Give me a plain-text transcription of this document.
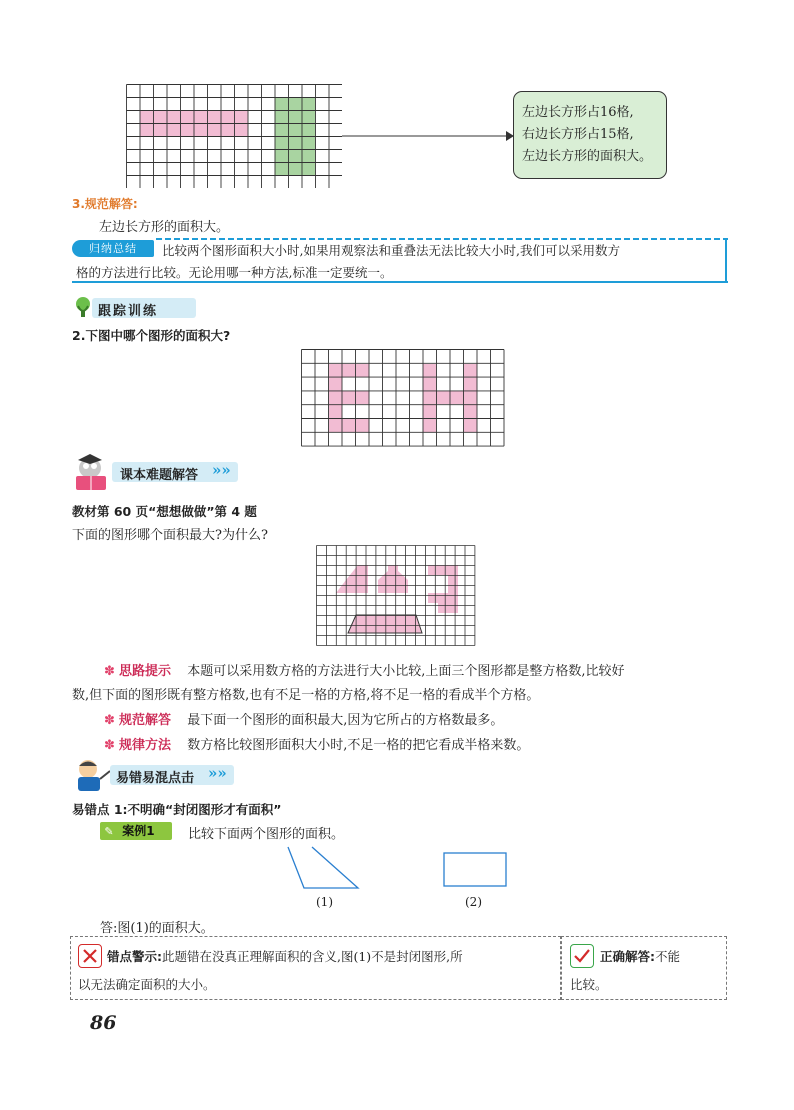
左边长方形占16格,
右边长方形占15格,
左边长方形的面积大。
3.规范解答:
左边长方形的面积大。
归纳总结	比较两个图形面积大小时,如果用观察法和重叠法无法比较大小时,我们可以采用数方
格的方法进行比较。无论用哪一种方法,标准一定要统一。
跟踪训练
2.下图中哪个图形的面积大?
课本难题解答 »»
教材第 60 页“想想做做”第 4 题
下面的图形哪个面积最大?为什么?
✽ 思路提示 本题可以采用数方格的方法进行大小比较,上面三个图形都是整方格数,比较好
数,但下面的图形既有整方格数,也有不足一格的方格,将不足一格的看成半个方格。
✽ 规范解答 最下面一个图形的面积最大,因为它所占的方格数最多。
✽ 规律方法 数方格比较图形面积大小时,不足一格的把它看成半格来数。
易错易混点击 »»
易错点 1:不明确“封闭图形才有面积”
✎ 案例1	比较下面两个图形的面积。
(1)	(2)
答:图(1)的面积大。
错点警示:此题错在没真正理解面积的含义,图(1)不是封闭图形,所
以无法确定面积的大小。
正确解答:不能
比较。
86
